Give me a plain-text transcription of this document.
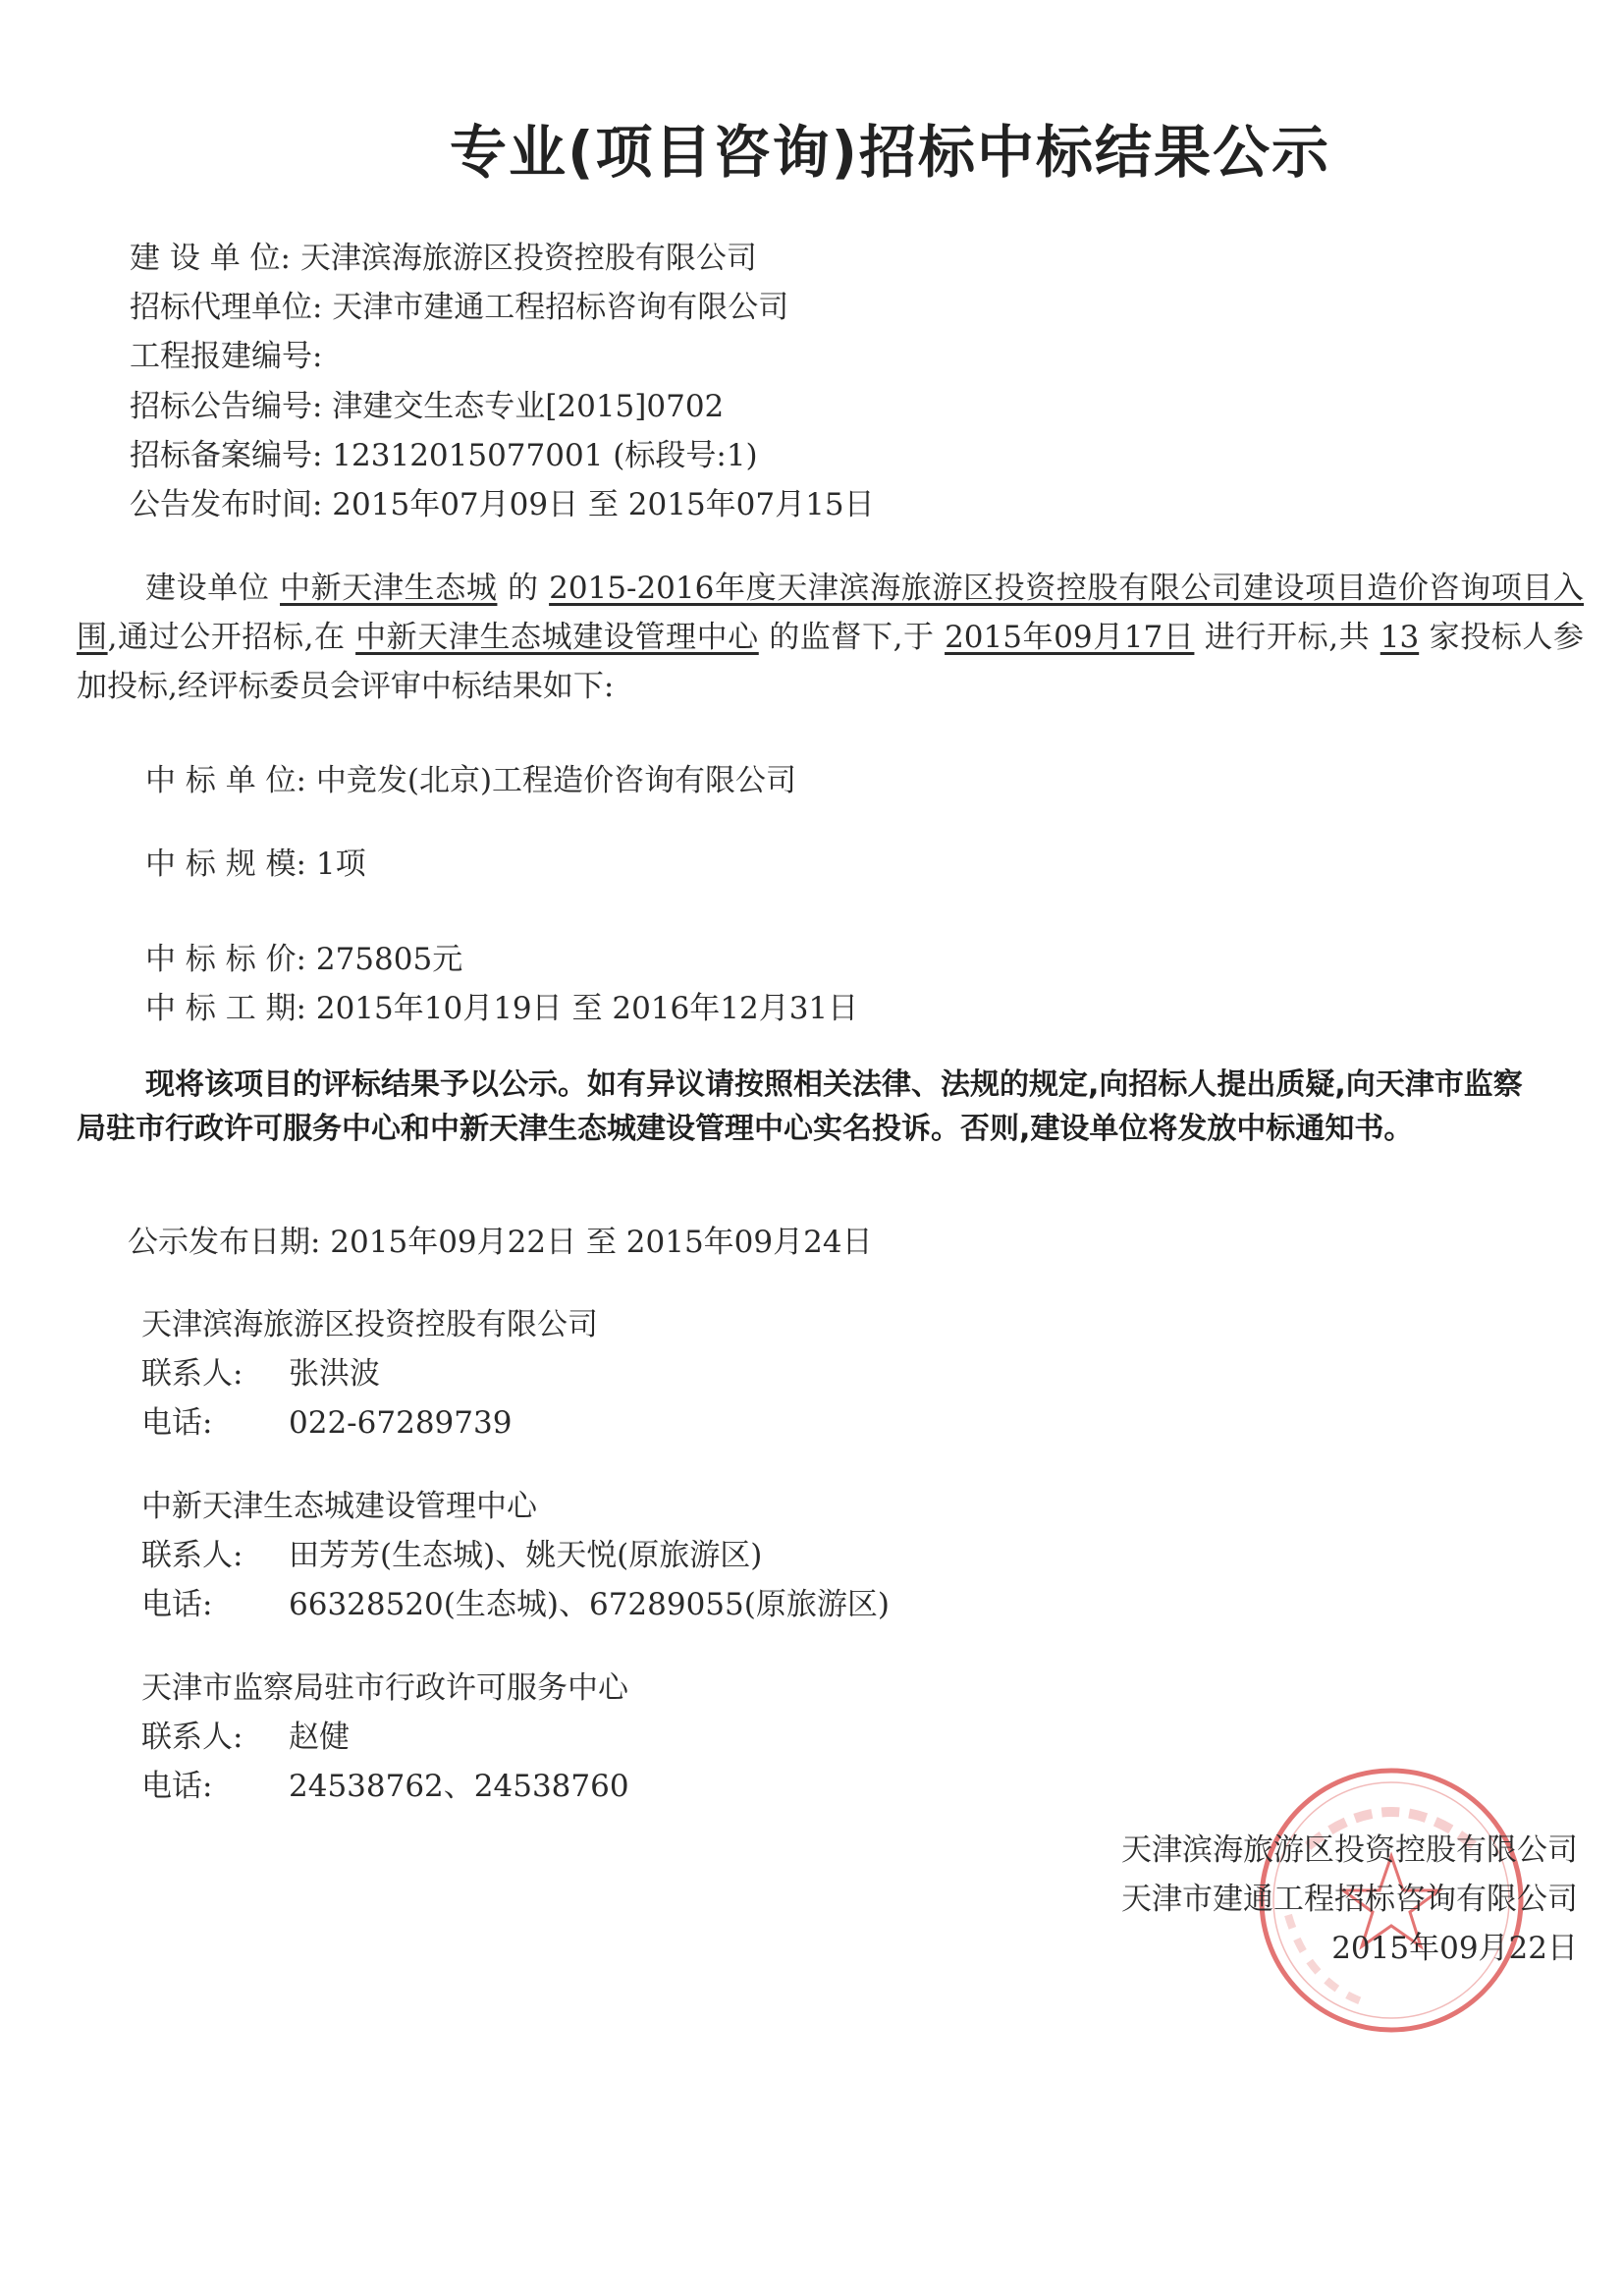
专业(项目咨询)招标中标结果公示
建 设 单 位: 天津滨海旅游区投资控股有限公司
招标代理单位: 天津市建通工程招标咨询有限公司
工程报建编号:
招标公告编号: 津建交生态专业[2015]0702
招标备案编号: 12312015077001 (标段号:1)
公告发布时间: 2015年07月09日 至 2015年07月15日
建设单位 中新天津生态城 的 2015-2016年度天津滨海旅游区投资控股有限公司建设项目造价咨询项目入围,通过公开招标,在 中新天津生态城建设管理中心 的监督下,于 2015年09月17日 进行开标,共 13 家投标人参加投标,经评标委员会评审中标结果如下:
中 标 单 位: 中竞发(北京)工程造价咨询有限公司
中 标 规 模: 1项
中 标 标 价: 275805元
中 标 工 期: 2015年10月19日 至 2016年12月31日
现将该项目的评标结果予以公示。如有异议请按照相关法律、法规的规定,向招标人提出质疑,向天津市监察局驻市行政许可服务中心和中新天津生态城建设管理中心实名投诉。否则,建设单位将发放中标通知书。
公示发布日期: 2015年09月22日 至 2015年09月24日
天津滨海旅游区投资控股有限公司
联系人: 张洪波
电话:	022-67289739
中新天津生态城建设管理中心
联系人: 田芳芳(生态城)、姚天悦(原旅游区)
电话:	66328520(生态城)、67289055(原旅游区)
天津市监察局驻市行政许可服务中心
联系人: 赵健
电话:	24538762、24538760
天津滨海旅游区投资控股有限公司
天津市建通工程招标咨询有限公司
2015年09月22日
